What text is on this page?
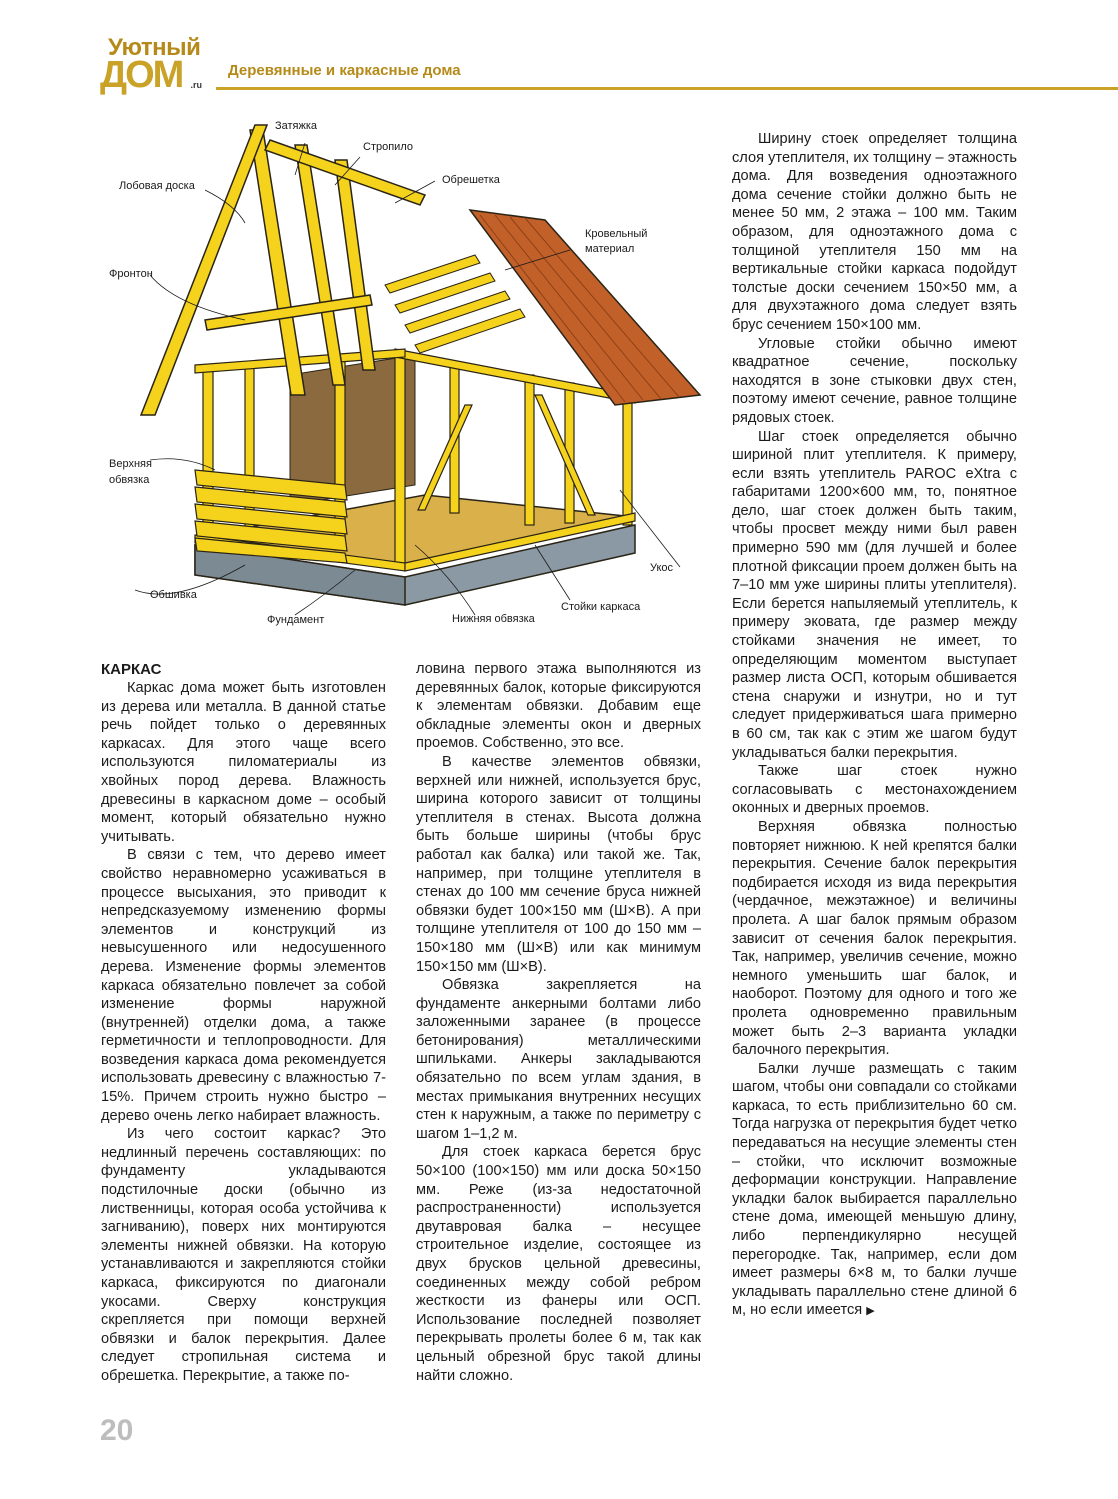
Уютный
ДОМ .ru
Деревянные и каркасные дома
Затяжка
Стропило
Обрешетка
Лобовая доска
Кровельный
материал
Фронтон
Верхняя
обвязка
Укос
Обшивка
Стойки каркаса
Фундамент	Нижняя обвязка
КАРКАС

Каркас дома может быть изготовлен из дерева или металла. В данной статье речь пойдет только о деревянных каркасах. Для этого чаще всего используются пиломатериалы из хвойных пород дерева. Влажность древесины в каркасном доме – особый момент, который обязательно нужно учитывать.

В связи с тем, что дерево имеет свойство неравномерно усаживаться в процессе высыхания, это приводит к непредсказуемому изменению формы элементов и конструкций из невысушенного или недосушенного дерева. Изменение формы элементов каркаса обязательно повлечет за собой изменение формы наружной (внутренней) отделки дома, а также герметичности и теплопроводности. Для возведения каркаса дома рекомендуется использовать древесину с влажностью 7-15%. Причем строить нужно быстро – дерево очень легко набирает влажность.

Из чего состоит каркас? Это недлинный перечень составляющих: по фундаменту укладываются подстилочные доски (обычно из лиственницы, которая особа устойчива к загниванию), поверх них монтируются элементы нижней обвязки. На которую устанавливаются и закрепляются стойки каркаса, фиксируются по диагонали укосами. Сверху конструкция скрепляется при помощи верхней обвязки и балок перекрытия. Далее следует стропильная система и обрешетка. Перекрытие, а также по-

ловина первого этажа выполняются из деревянных балок, которые фиксируются к элементам обвязки. Добавим еще обкладные элементы окон и дверных проемов. Собственно, это все.

В качестве элементов обвязки, верхней или нижней, используется брус, ширина которого зависит от толщины утеплителя в стенах. Высота должна быть больше ширины (чтобы брус работал как балка) или такой же. Так, например, при толщине утеплителя в стенах до 100 мм сечение бруса нижней обвязки будет 100×150 мм (Ш×В). А при толщине утеплителя от 100 до 150 мм – 150×180 мм (Ш×В) или как минимум 150×150 мм (Ш×В).

Обвязка закрепляется на фундаменте анкерными болтами либо заложенными заранее (в процессе бетонирования) металлическими шпильками. Анкеры закладываются обязательно по всем углам здания, в местах примыкания внутренних несущих стен к наружным, а также по периметру с шагом 1–1,2 м.

Для стоек каркаса берется брус 50×100 (100×150) мм или доска 50×150 мм. Реже (из-за недостаточной распространенности) используется двутавровая балка – несущее строительное изделие, состоящее из двух брусков цельной древесины, соединенных между собой ребром жесткости из фанеры или ОСП. Использование последней позволяет перекрывать пролеты более 6 м, так как цельный обрезной брус такой длины найти сложно.

Ширину стоек определяет толщина слоя утеплителя, их толщину – этажность дома. Для возведения одноэтажного дома сечение стойки должно быть не менее 50 мм, 2 этажа – 100 мм. Таким образом, для одноэтажного дома с толщиной утеплителя 150 мм на вертикальные стойки каркаса подойдут толстые доски сечением 150×50 мм, а для двухэтажного дома следует взять брус сечением 150×100 мм.

Угловые стойки обычно имеют квадратное сечение, поскольку находятся в зоне стыковки двух стен, поэтому имеют сечение, равное толщине рядовых стоек.

Шаг стоек определяется обычно шириной плит утеплителя. К примеру, если взять утеплитель PAROC eXtra с габаритами 1200×600 мм, то, понятное дело, шаг стоек должен быть таким, чтобы просвет между ними был равен примерно 590 мм (для лучшей и более плотной фиксации проем должен быть на 7–10 мм уже ширины плиты утеплителя). Если берется напыляемый утеплитель, к примеру эковата, где размер между стойками значения не имеет, то определяющим моментом выступает размер листа ОСП, которым обшивается стена снаружи и изнутри, но и тут следует придерживаться шага примерно в 60 см, так как с этим же шагом будут укладываться балки перекрытия.

Также шаг стоек нужно согласовывать с местонахождением оконных и дверных проемов.

Верхняя обвязка полностью повторяет нижнюю. К ней крепятся балки перекрытия. Сечение балок перекрытия подбирается исходя из вида перекрытия (чердачное, межэтажное) и величины пролета. А шаг балок прямым образом зависит от сечения балок перекрытия. Так, например, увеличив сечение, можно немного уменьшить шаг балок, и наоборот. Поэтому для одного и того же пролета одновременно правильным может быть 2–3 варианта укладки балочного перекрытия.

Балки лучше размещать с таким шагом, чтобы они совпадали со стойками каркаса, то есть приблизительно 60 см. Тогда нагрузка от перекрытия будет четко передаваться на несущие элементы стен – стойки, что исключит возможные деформации конструкции. Направление укладки балок выбирается параллельно стене дома, имеющей меньшую длину, либо перпендикулярно несущей перегородке. Так, например, если дом имеет размеры 6×8 м, то балки лучше укладывать параллельно стене длиной 6 м, но если имеется ▶

20
